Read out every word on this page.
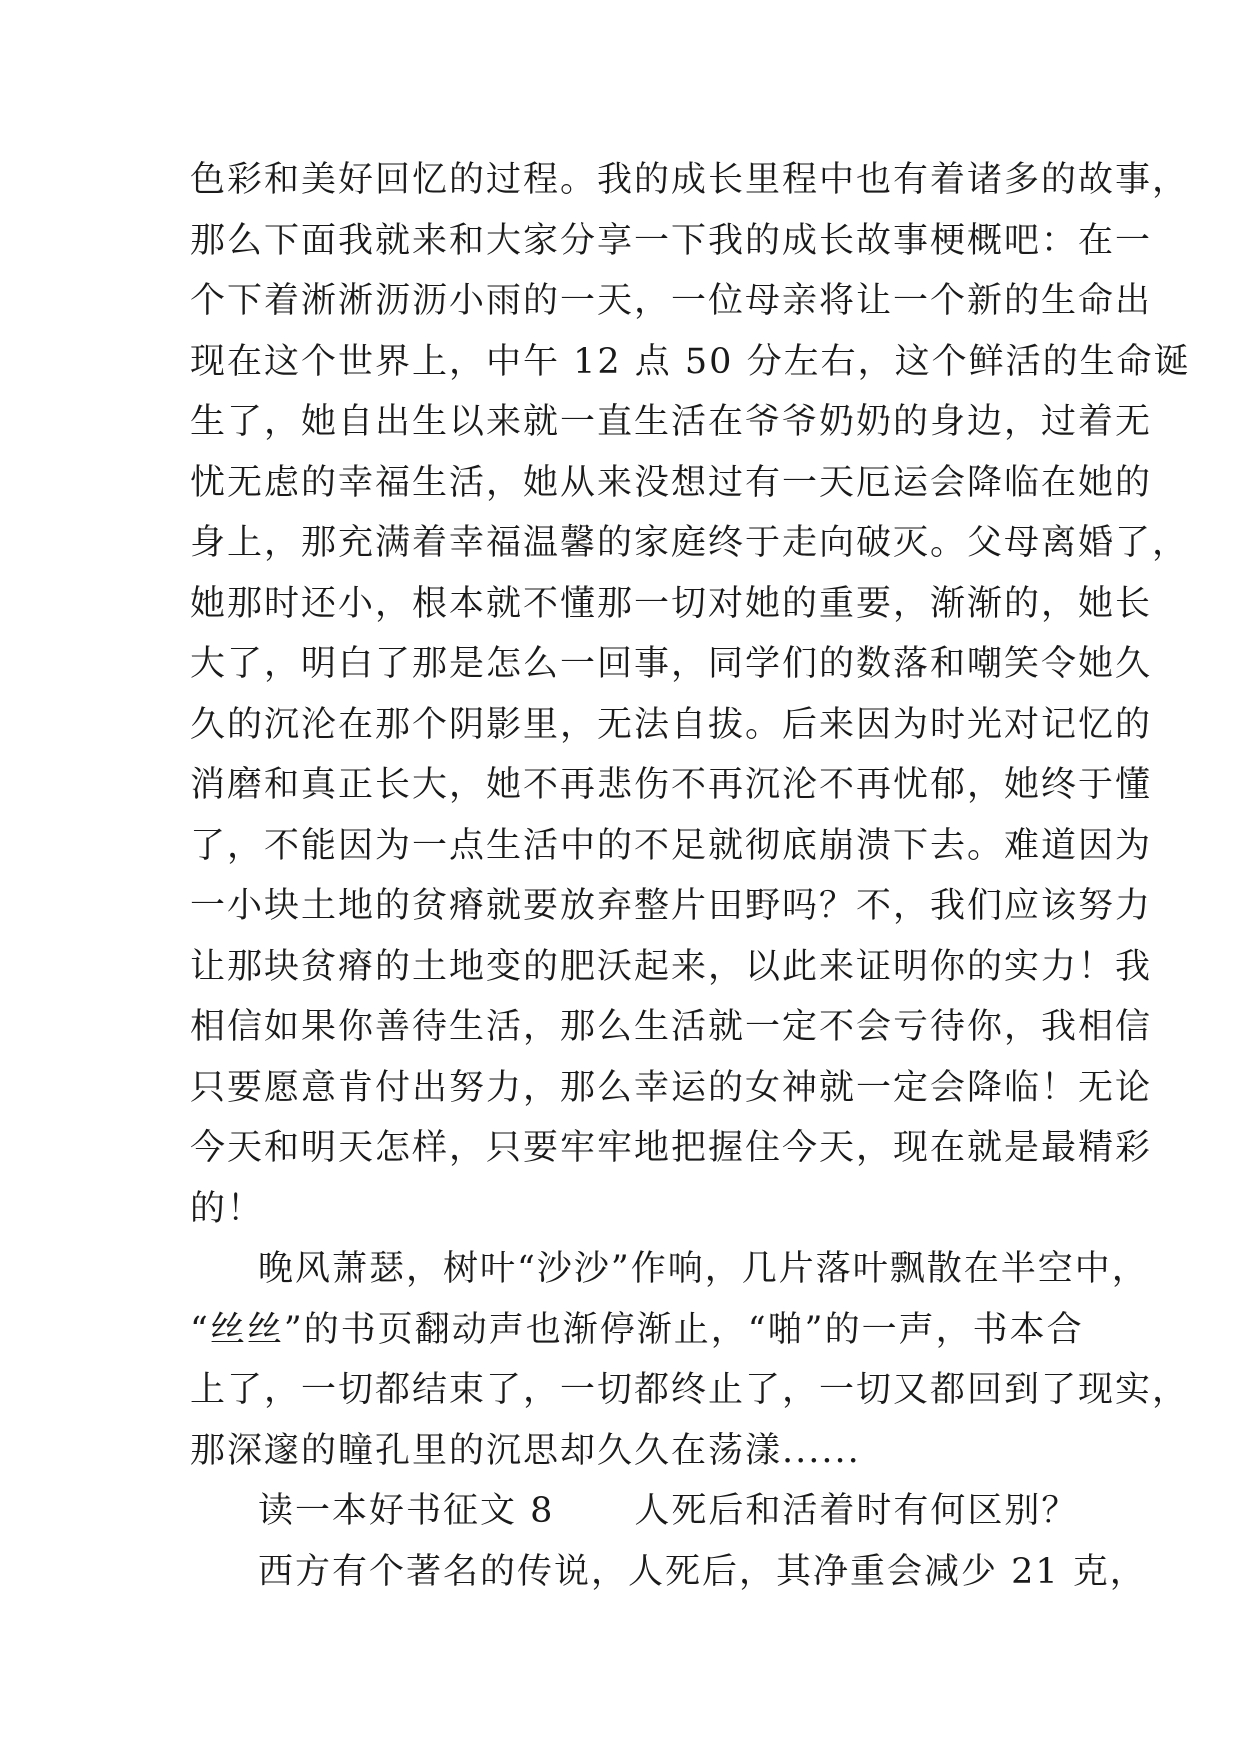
色彩和美好回忆的过程。我的成长里程中也有着诸多的故事，
那么下面我就来和大家分享一下我的成长故事梗概吧：在一
个下着淅淅沥沥小雨的一天，一位母亲将让一个新的生命出
现在这个世界上，中午 12 点 50 分左右，这个鲜活的生命诞
生了，她自出生以来就一直生活在爷爷奶奶的身边，过着无
忧无虑的幸福生活，她从来没想过有一天厄运会降临在她的
身上，那充满着幸福温馨的家庭终于走向破灭。父母离婚了，
她那时还小，根本就不懂那一切对她的重要，渐渐的，她长
大了，明白了那是怎么一回事，同学们的数落和嘲笑令她久
久的沉沦在那个阴影里，无法自拔。后来因为时光对记忆的
消磨和真正长大，她不再悲伤不再沉沦不再忧郁，她终于懂
了，不能因为一点生活中的不足就彻底崩溃下去。难道因为
一小块土地的贫瘠就要放弃整片田野吗？不，我们应该努力
让那块贫瘠的土地变的肥沃起来，以此来证明你的实力！我
相信如果你善待生活，那么生活就一定不会亏待你，我相信
只要愿意肯付出努力，那么幸运的女神就一定会降临！无论
今天和明天怎样，只要牢牢地把握住今天，现在就是最精彩
的！
晚风萧瑟，树叶“沙沙”作响，几片落叶飘散在半空中，
“丝丝”的书页翻动声也渐停渐止，“啪”的一声，书本合
上了，一切都结束了，一切都终止了，一切又都回到了现实，
那深邃的瞳孔里的沉思却久久在荡漾......
读一本好书征文 8 人死后和活着时有何区别？
西方有个著名的传说，人死后，其净重会减少 21 克，
